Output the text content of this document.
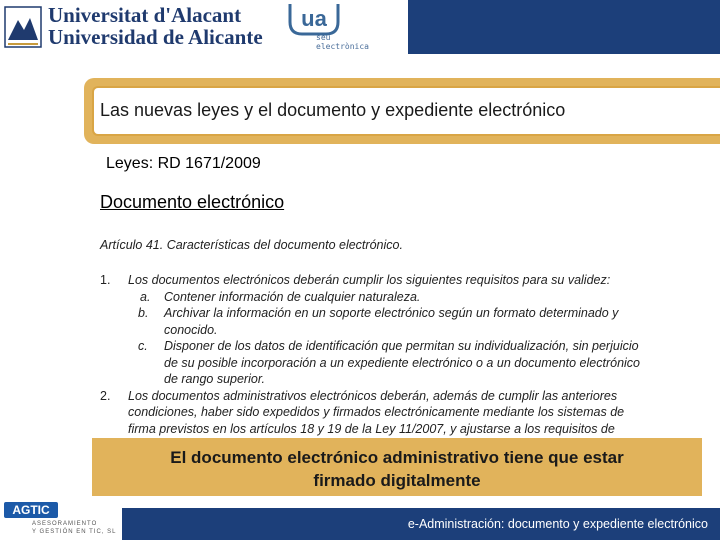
Universitat d'Alacant
Universidad de Alicante
ua
seu
electrònica
Las nuevas leyes y el documento y expediente electrónico
Leyes: RD 1671/2009
Documento electrónico
Artículo 41. Características del documento electrónico.
1. Los documentos electrónicos deberán cumplir los siguientes requisitos para su validez:
a. Contener información de cualquier naturaleza.
b. Archivar la información en un soporte electrónico según un formato determinado y
conocido.
c. Disponer de los datos de identificación que permitan su individualización, sin perjuicio
de su posible incorporación a un expediente electrónico o a un documento electrónico
de rango superior.
2. Los documentos administrativos electrónicos deberán, además de cumplir las anteriores
condiciones, haber sido expedidos y firmados electrónicamente mediante los sistemas de
firma previstos en los artículos 18 y 19 de la Ley 11/2007, y ajustarse a los requisitos de
El documento electrónico administrativo tiene que estar
firmado digitalmente
AGTIC
ASESORAMIENTO
Y GESTIÓN EN TIC, SL
e-Administración: documento y expediente electrónico
